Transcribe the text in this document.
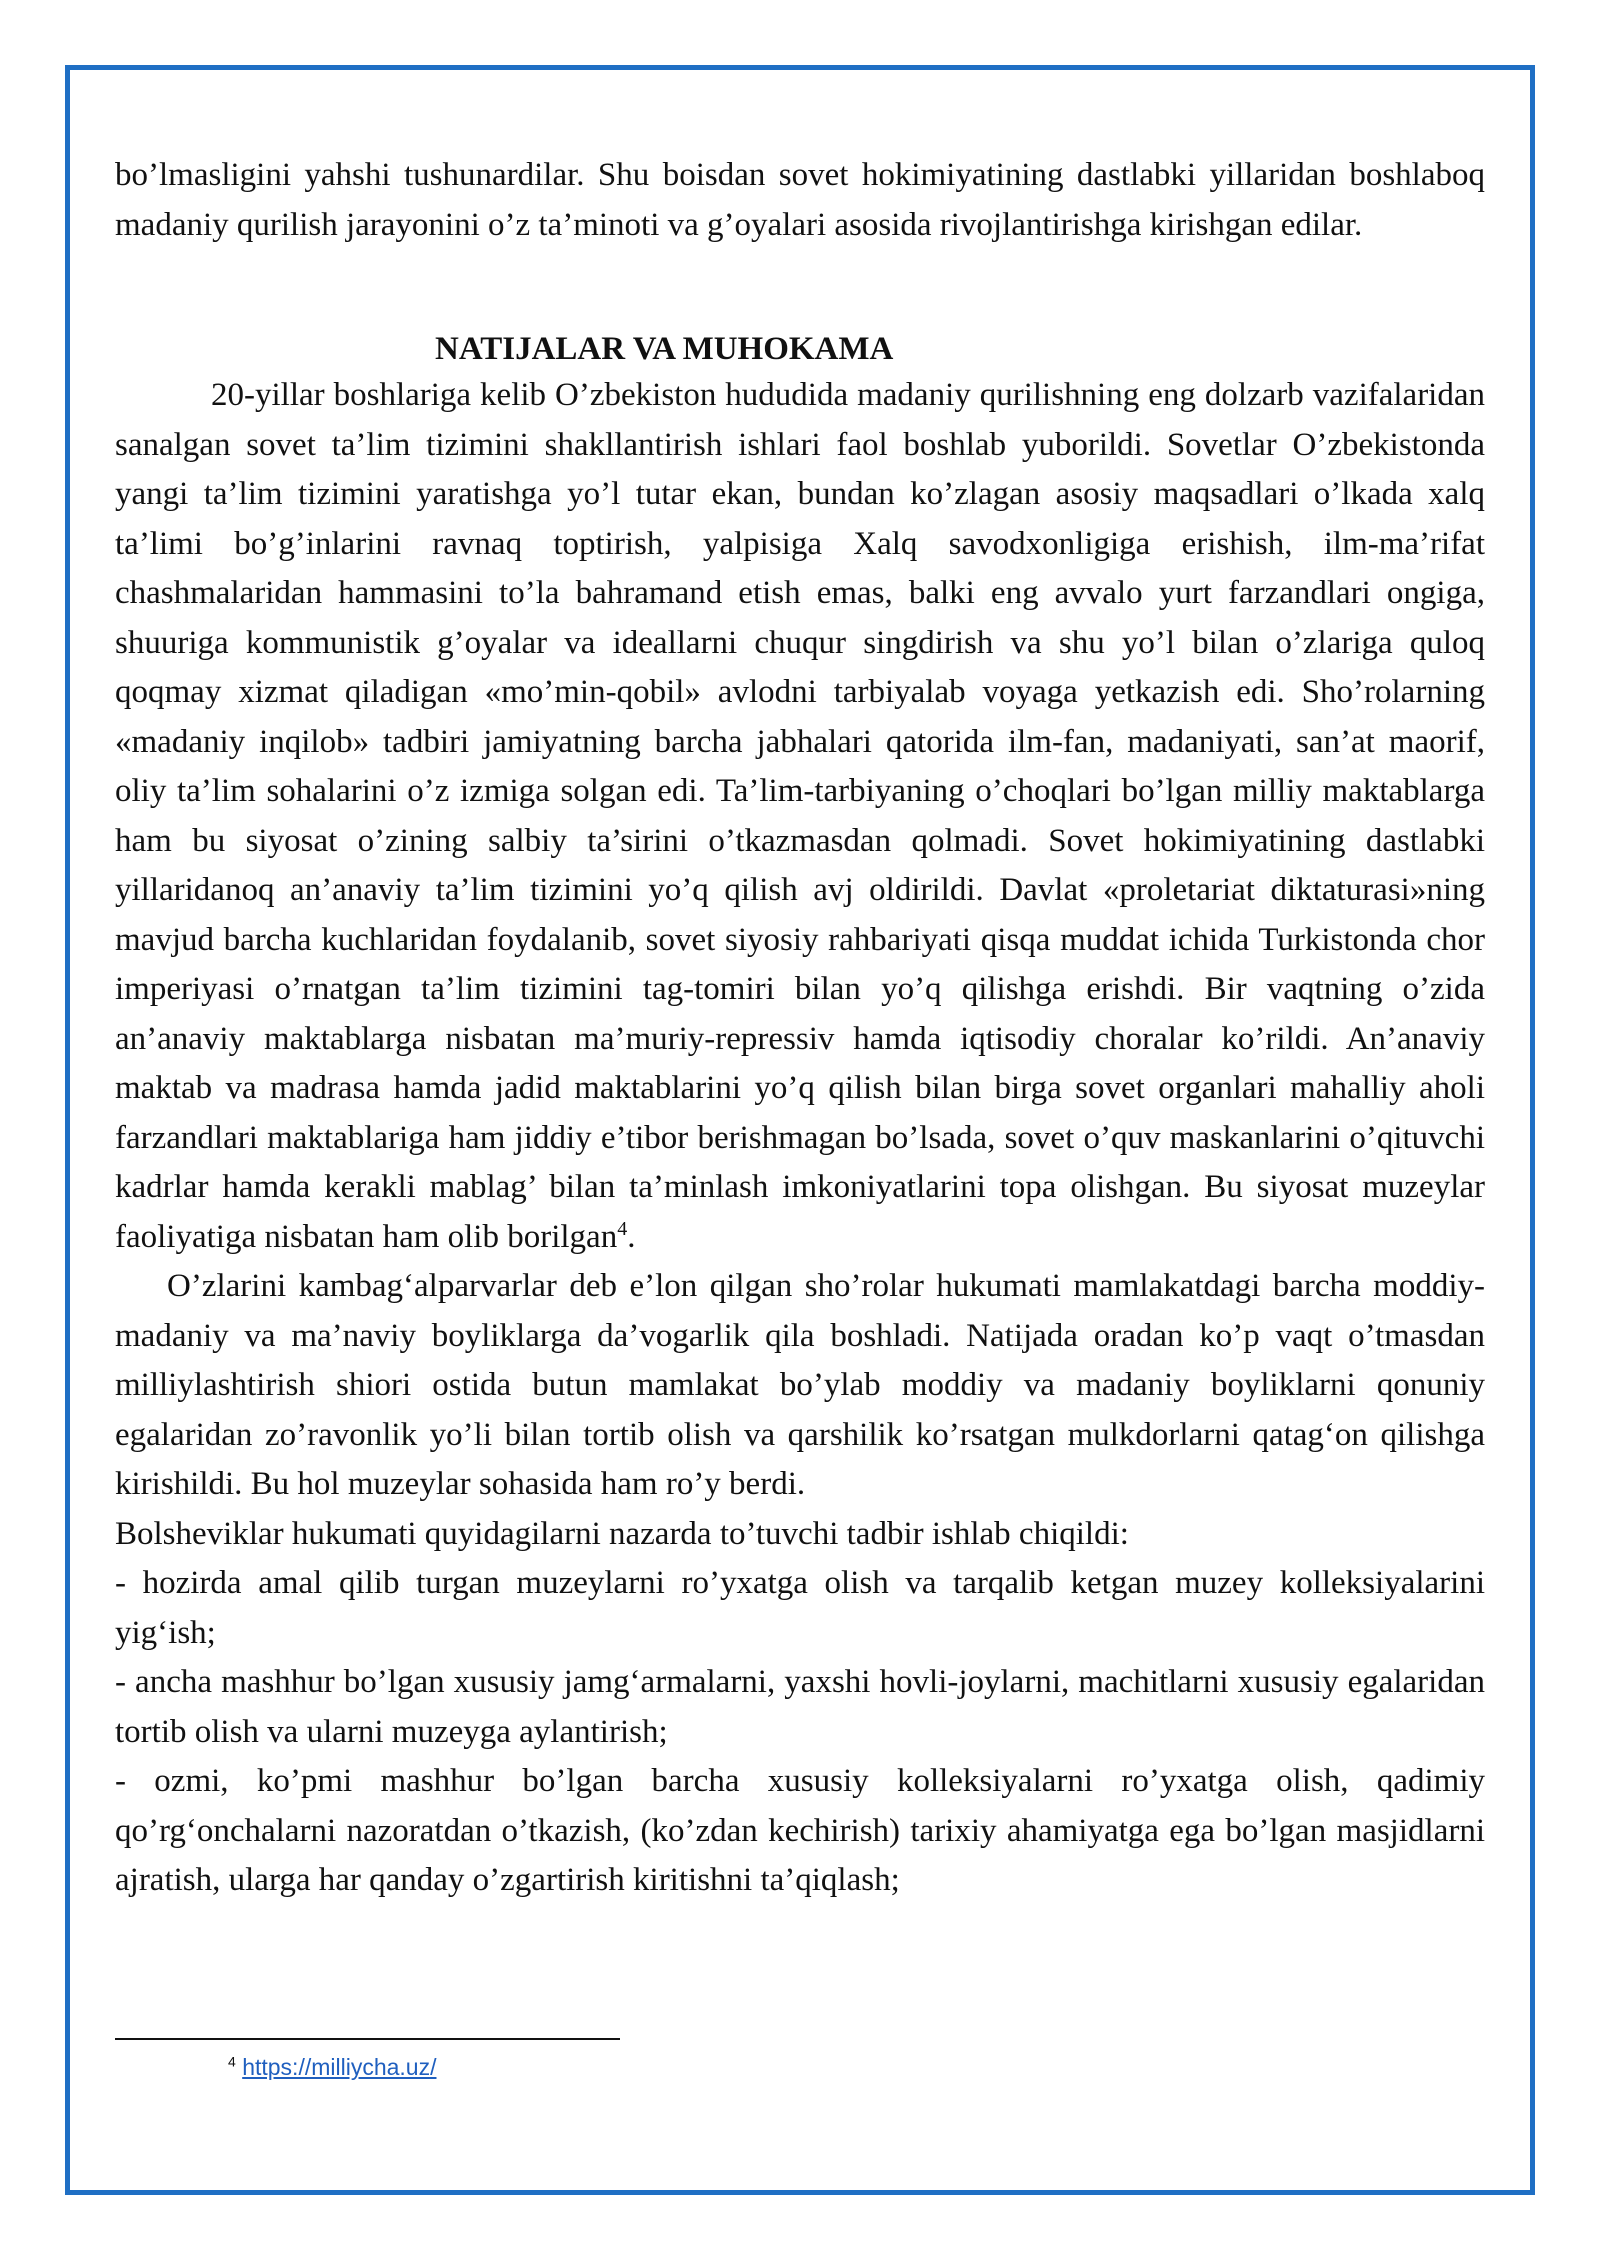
bo’lmasligini yahshi tushunardilar. Shu boisdan sovet hokimiyatining dastlabki yillaridan boshlaboq madaniy qurilish jarayonini o’z ta’minoti va g’oyalari asosida rivojlantirishga kirishgan edilar.

NATIJALAR VA MUHOKAMA

20-yillar boshlariga kelib O’zbekiston hududida madaniy qurilishning eng dolzarb vazifalaridan sanalgan sovet ta’lim tizimini shakllantirish ishlari faol boshlab yuborildi. Sovetlar O’zbekistonda yangi ta’lim tizimini yaratishga yo’l tutar ekan, bundan ko’zlagan asosiy maqsadlari o’lkada xalq ta’limi bo’g’inlarini ravnaq toptirish, yalpisiga Xalq savodxonligiga erishish, ilm-ma’rifat chashmalaridan hammasini to’la bahramand etish emas, balki eng avvalo yurt farzandlari ongiga, shuuriga kommunistik g’oyalar va ideallarni chuqur singdirish va shu yo’l bilan o’zlariga quloq qoqmay xizmat qiladigan «mo’min-qobil» avlodni tarbiyalab voyaga yetkazish edi. Sho’rolarning «madaniy inqilob» tadbiri jamiyatning barcha jabhalari qatorida ilm-fan, madaniyati, san’at maorif, oliy ta’lim sohalarini o’z izmiga solgan edi. Ta’lim-tarbiyaning o’choqlari bo’lgan milliy maktablarga ham bu siyosat o’zining salbiy ta’sirini o’tkazmasdan qolmadi. Sovet hokimiyatining dastlabki yillaridanoq an’anaviy ta’lim tizimini yo’q qilish avj oldirildi. Davlat «proletariat diktaturasi»ning mavjud barcha kuchlaridan foydalanib, sovet siyosiy rahbariyati qisqa muddat ichida Turkistonda chor imperiyasi o’rnatgan ta’lim tizimini tag-tomiri bilan yo’q qilishga erishdi. Bir vaqtning o’zida an’anaviy maktablarga nisbatan ma’muriy-repressiv hamda iqtisodiy choralar ko’rildi. An’anaviy maktab va madrasa hamda jadid maktablarini yo’q qilish bilan birga sovet organlari mahalliy aholi farzandlari maktablariga ham jiddiy e’tibor berishmagan bo’lsada, sovet o’quv maskanlarini o’qituvchi kadrlar hamda kerakli mablag’ bilan ta’minlash imkoniyatlarini topa olishgan. Bu siyosat muzeylar faoliyatiga nisbatan ham olib borilgan$^4$.

O’zlarini kambag‘alparvarlar deb e’lon qilgan sho’rolar hukumati mamlakatdagi barcha moddiy-madaniy va ma’naviy boyliklarga da’vogarlik qila boshladi. Natijada oradan ko’p vaqt o’tmasdan milliylashtirish shiori ostida butun mamlakat bo’ylab moddiy va madaniy boyliklarni qonuniy egalaridan zo’ravonlik yo’li bilan tortib olish va qarshilik ko’rsatgan mulkdorlarni qatag‘on qilishga kirishildi. Bu hol muzeylar sohasida ham ro’y berdi.

Bolsheviklar hukumati quyidagilarni nazarda to’tuvchi tadbir ishlab chiqildi:

- hozirda amal qilib turgan muzeylarni ro’yxatga olish va tarqalib ketgan muzey kolleksiyalarini yig‘ish;

- ancha mashhur bo’lgan xususiy jamg‘armalarni, yaxshi hovli-joylarni, machitlarni xususiy egalaridan tortib olish va ularni muzeyga aylantirish;

- ozmi, ko’pmi mashhur bo’lgan barcha xususiy kolleksiyalarni ro’yxatga olish, qadimiy qo’rg‘onchalarni nazoratdan o’tkazish, (ko’zdan kechirish) tarixiy ahamiyatga ega bo’lgan masjidlarni ajratish, ularga har qanday o’zgartirish kiritishni ta’qiqlash;

$^4$ https://milliycha.uz/
